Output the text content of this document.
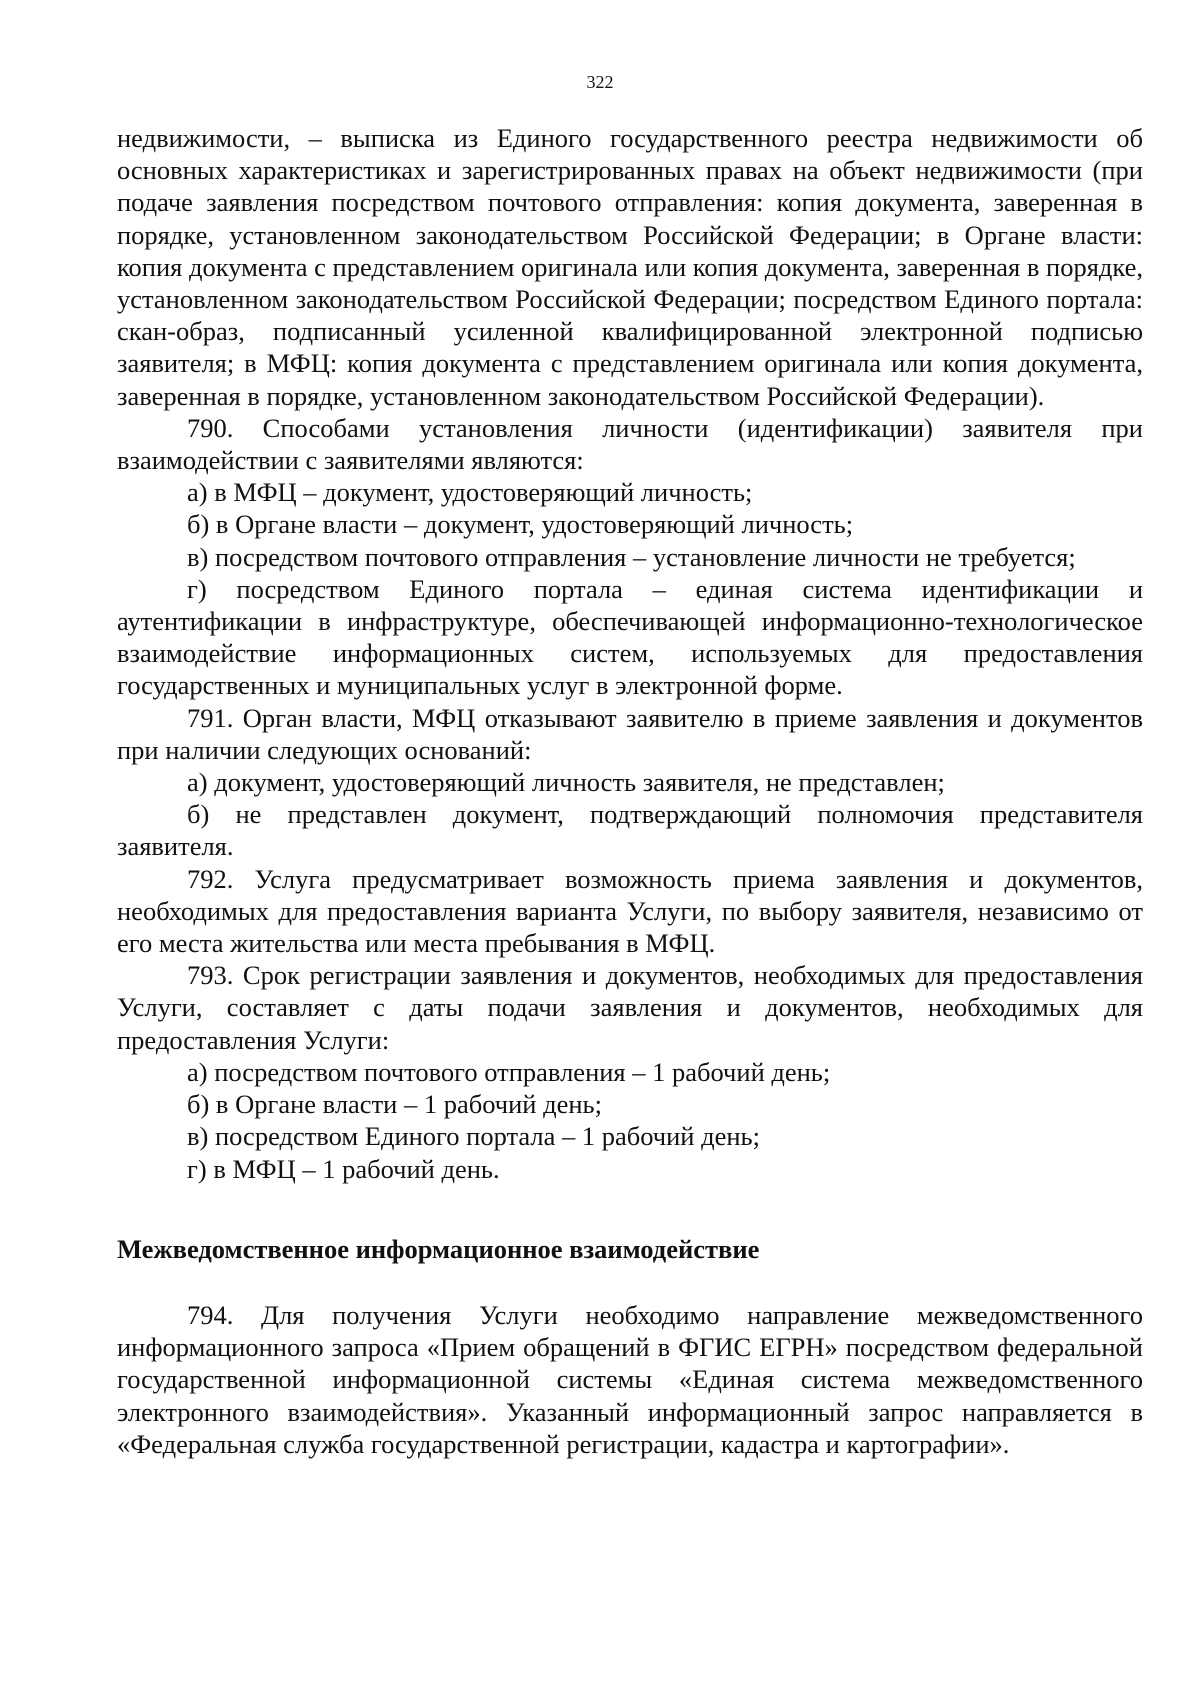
322

недвижимости, – выписка из Единого государственного реестра недвижимости об основных характеристиках и зарегистрированных правах на объект недвижимости (при подаче заявления посредством почтового отправления: копия документа, заверенная в порядке, установленном законодательством Российской Федерации; в Органе власти: копия документа с представлением оригинала или копия документа, заверенная в порядке, установленном законодательством Российской Федерации; посредством Единого портала: скан-образ, подписанный усиленной квалифицированной электронной подписью заявителя; в МФЦ: копия документа с представлением оригинала или копия документа, заверенная в порядке, установленном законодательством Российской Федерации).

790. Способами установления личности (идентификации) заявителя при взаимодействии с заявителями являются:

а) в МФЦ – документ, удостоверяющий личность;

б) в Органе власти – документ, удостоверяющий личность;

в) посредством почтового отправления – установление личности не требуется;

г) посредством Единого портала – единая система идентификации и аутентификации в инфраструктуре, обеспечивающей информационно-технологическое взаимодействие информационных систем, используемых для предоставления государственных и муниципальных услуг в электронной форме.

791. Орган власти, МФЦ отказывают заявителю в приеме заявления и документов при наличии следующих оснований:

а) документ, удостоверяющий личность заявителя, не представлен;

б) не представлен документ, подтверждающий полномочия представителя заявителя.

792. Услуга предусматривает возможность приема заявления и документов, необходимых для предоставления варианта Услуги, по выбору заявителя, независимо от его места жительства или места пребывания в МФЦ.

793. Срок регистрации заявления и документов, необходимых для предоставления Услуги, составляет с даты подачи заявления и документов, необходимых для предоставления Услуги:

а) посредством почтового отправления – 1 рабочий день;

б) в Органе власти – 1 рабочий день;

в) посредством Единого портала – 1 рабочий день;

г) в МФЦ – 1 рабочий день.

Межведомственное информационное взаимодействие

794. Для получения Услуги необходимо направление межведомственного информационного запроса «Прием обращений в ФГИС ЕГРН» посредством федеральной государственной информационной системы «Единая система межведомственного электронного взаимодействия». Указанный информационный запрос направляется в «Федеральная служба государственной регистрации, кадастра и картографии».
